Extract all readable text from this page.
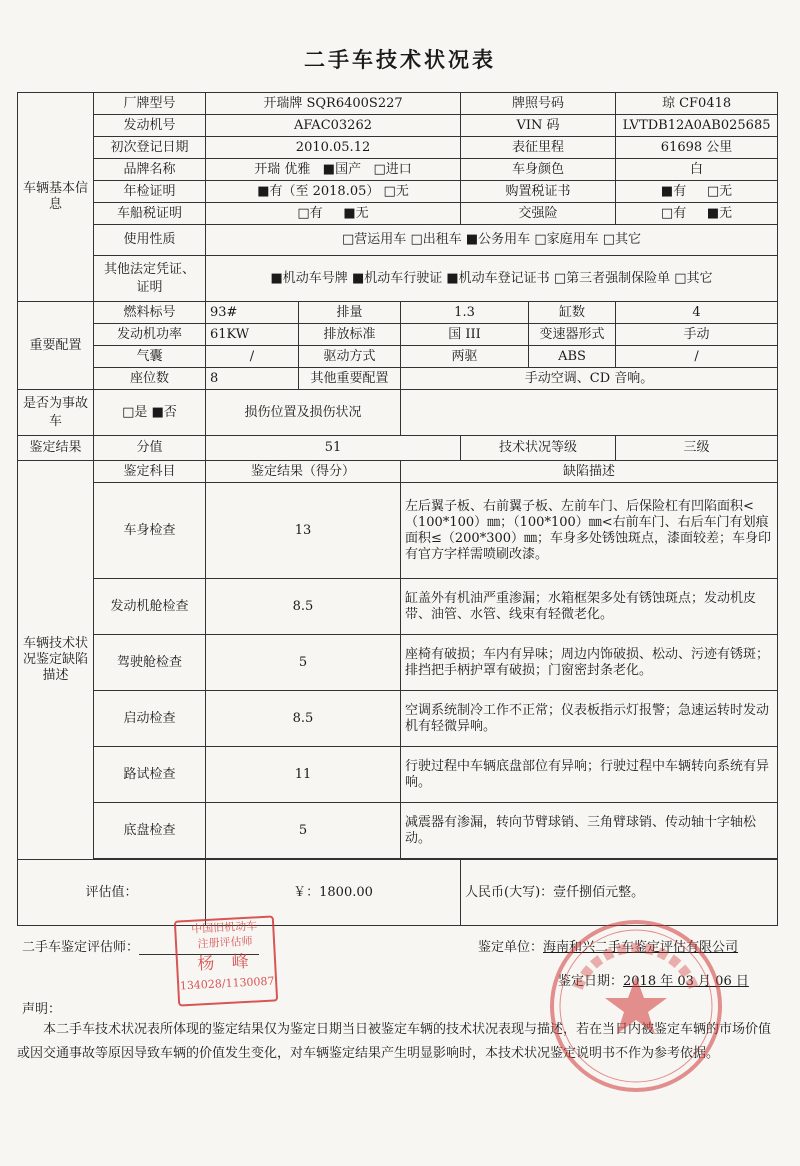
二手车技术状况表
车辆基本信息	厂牌型号	开瑞牌 SQR6400S227			牌照号码		琼 CF0418
	发动机号	AFAC03262			VIN 码		LVTDB12A0AB025685
	初次登记日期	2010.05.12			表征里程		61698 公里
	品牌名称	开瑞 优雅 ■国产 □进口			车身颜色		白
	年检证明	■有（至 2018.05） □无			购置税证书		■有 □无
	车船税证明	□有 ■无			交强险		□有 ■无
	使用性质	□营运用车 □出租车 ■公务用车 □家庭用车 □其它					
	其他法定凭证、证明	■机动车号牌 ■机动车行驶证 ■机动车登记证书 □第三者强制保险单 □其它					
重要配置	燃料标号	93#	排量	1.3		缸数	4
	发动机功率	61KW	排放标准	国 III		变速器形式	手动
	气囊	/	驱动方式	两驱		ABS	/
	座位数	8	其他重要配置	手动空调、CD 音响。			
是否为事故车	□是 ■否	损伤位置及损伤状况					
鉴定结果	分值	51			技术状况等级		三级
车辆技术状况鉴定缺陷描述	鉴定科目	鉴定结果（得分）		缺陷描述			
	车身检查	13		左后翼子板、右前翼子板、左前车门、后保险杠有凹陷面积<（100*100）㎜；（100*100）㎜<右前车门、右后车门有划痕面积≤（200*300）㎜；车身多处锈蚀斑点，漆面较差；车身印有官方字样需喷刷改漆。			
	发动机舱检查	8.5		缸盖外有机油严重渗漏；水箱框架多处有锈蚀斑点；发动机皮带、油管、水管、线束有轻微老化。			
	驾驶舱检查	5		座椅有破损；车内有异味；周边内饰破损、松动、污迹有锈斑；排挡把手柄护罩有破损；门窗密封条老化。			
	启动检查	8.5		空调系统制冷工作不正常；仪表板指示灯报警；急速运转时发动机有轻微异响。			
	路试检查	11		行驶过程中车辆底盘部位有异响；行驶过程中车辆转向系统有异响。			
	底盘检查	5		减震器有渗漏，转向节臂球销、三角臂球销、传动轴十字轴松动。			

评估值：		￥：1800.00			人民币(大写)：壹仟捌佰元整。		
二手车鉴定评估师：	鉴定单位：海南和兴二手车鉴定评估有限公司
鉴定日期：2018 年 03 月 06 日
声明：
本二手车技术状况表所体现的鉴定结果仅为鉴定日期当日被鉴定车辆的技术状况表现与描述，若在当日内被鉴定车辆的市场价值或因交通事故等原因导致车辆的价值发生变化，对车辆鉴定结果产生明显影响时，本技术状况鉴定说明书不作为参考依据。
中国旧机动车
注册评估师
杨 峰
134028/1130087
